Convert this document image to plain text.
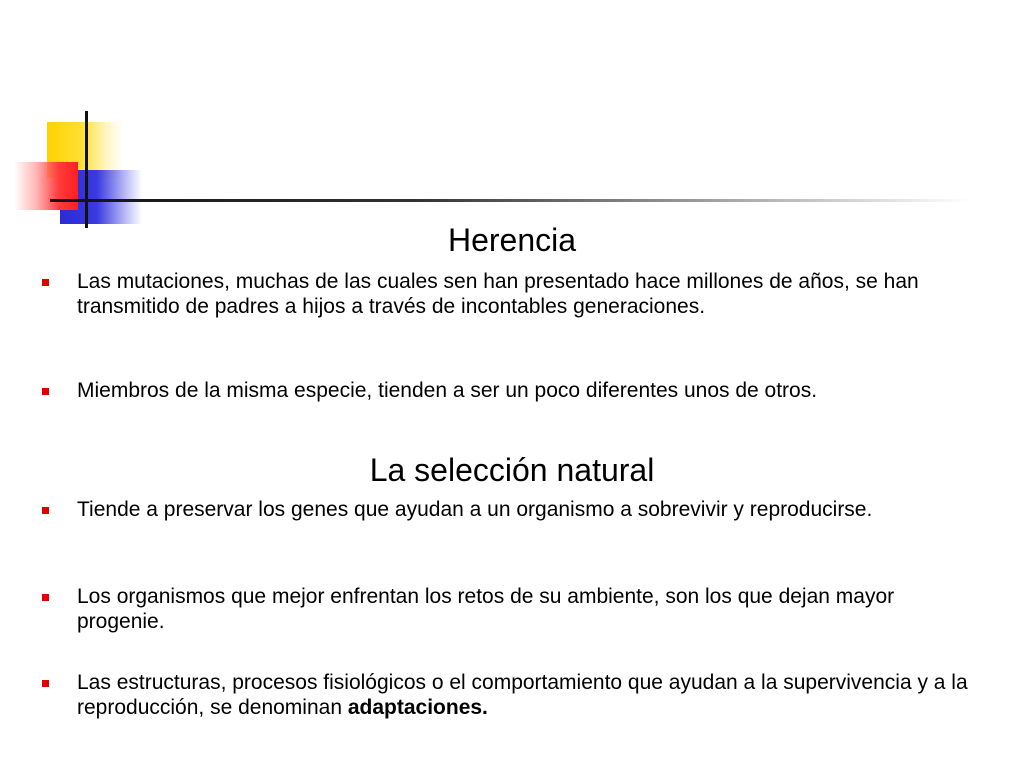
Herencia
Las mutaciones, muchas de las cuales sen han presentado hace millones de años, se han transmitido de padres a hijos a través de incontables generaciones.
Miembros de la misma especie, tienden a ser un poco diferentes unos de otros.
La selección natural
Tiende a preservar los genes que ayudan a un organismo a sobrevivir y reproducirse.
Los organismos que mejor enfrentan los retos de su ambiente, son los que dejan mayor progenie.
Las estructuras, procesos fisiológicos o el comportamiento que ayudan a la supervivencia y a la reproducción, se denominan adaptaciones.
